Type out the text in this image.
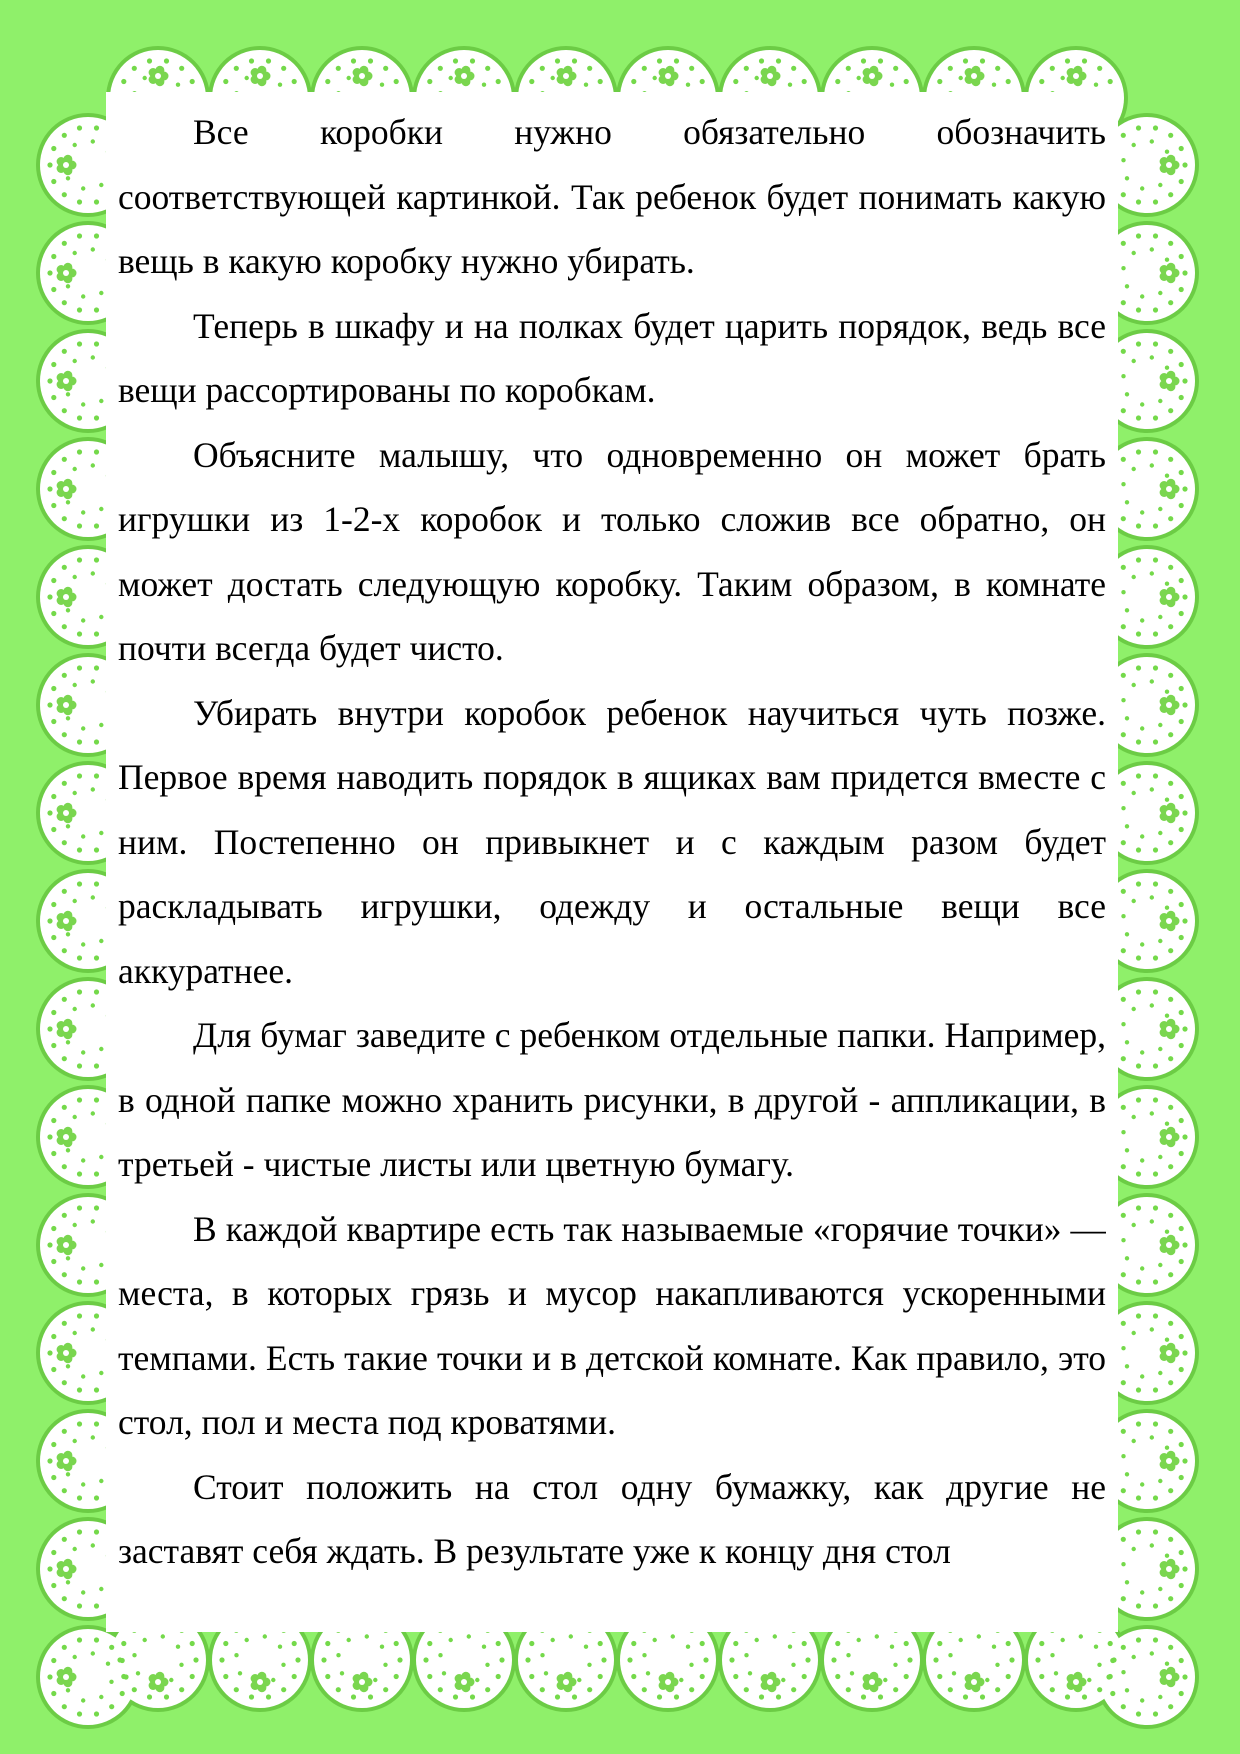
Все коробки нужно обязательно обозначить соответствующей картинкой. Так ребенок будет понимать какую вещь в какую коробку нужно убирать.

Теперь в шкафу и на полках будет царить порядок, ведь все вещи рассортированы по коробкам.

Объясните малышу, что одновременно он может брать игрушки из 1-2-х коробок и только сложив все обратно, он может достать следующую коробку. Таким образом, в комнате почти всегда будет чисто.

Убирать внутри коробок ребенок научиться чуть позже. Первое время наводить порядок в ящиках вам придется вместе с ним. Постепенно он привыкнет и с каждым разом будет раскладывать игрушки, одежду и остальные вещи все аккуратнее.

Для бумаг заведите с ребенком отдельные папки. Например, в одной папке можно хранить рисунки, в другой - аппликации, в третьей - чистые листы или цветную бумагу.

В каждой квартире есть так называемые «горячие точки» — места, в которых грязь и мусор накапливаются ускоренными темпами. Есть такие точки и в детской комнате. Как правило, это стол, пол и места под кроватями.

Стоит положить на стол одну бумажку, как другие не заставят себя ждать. В результате уже к концу дня стол
